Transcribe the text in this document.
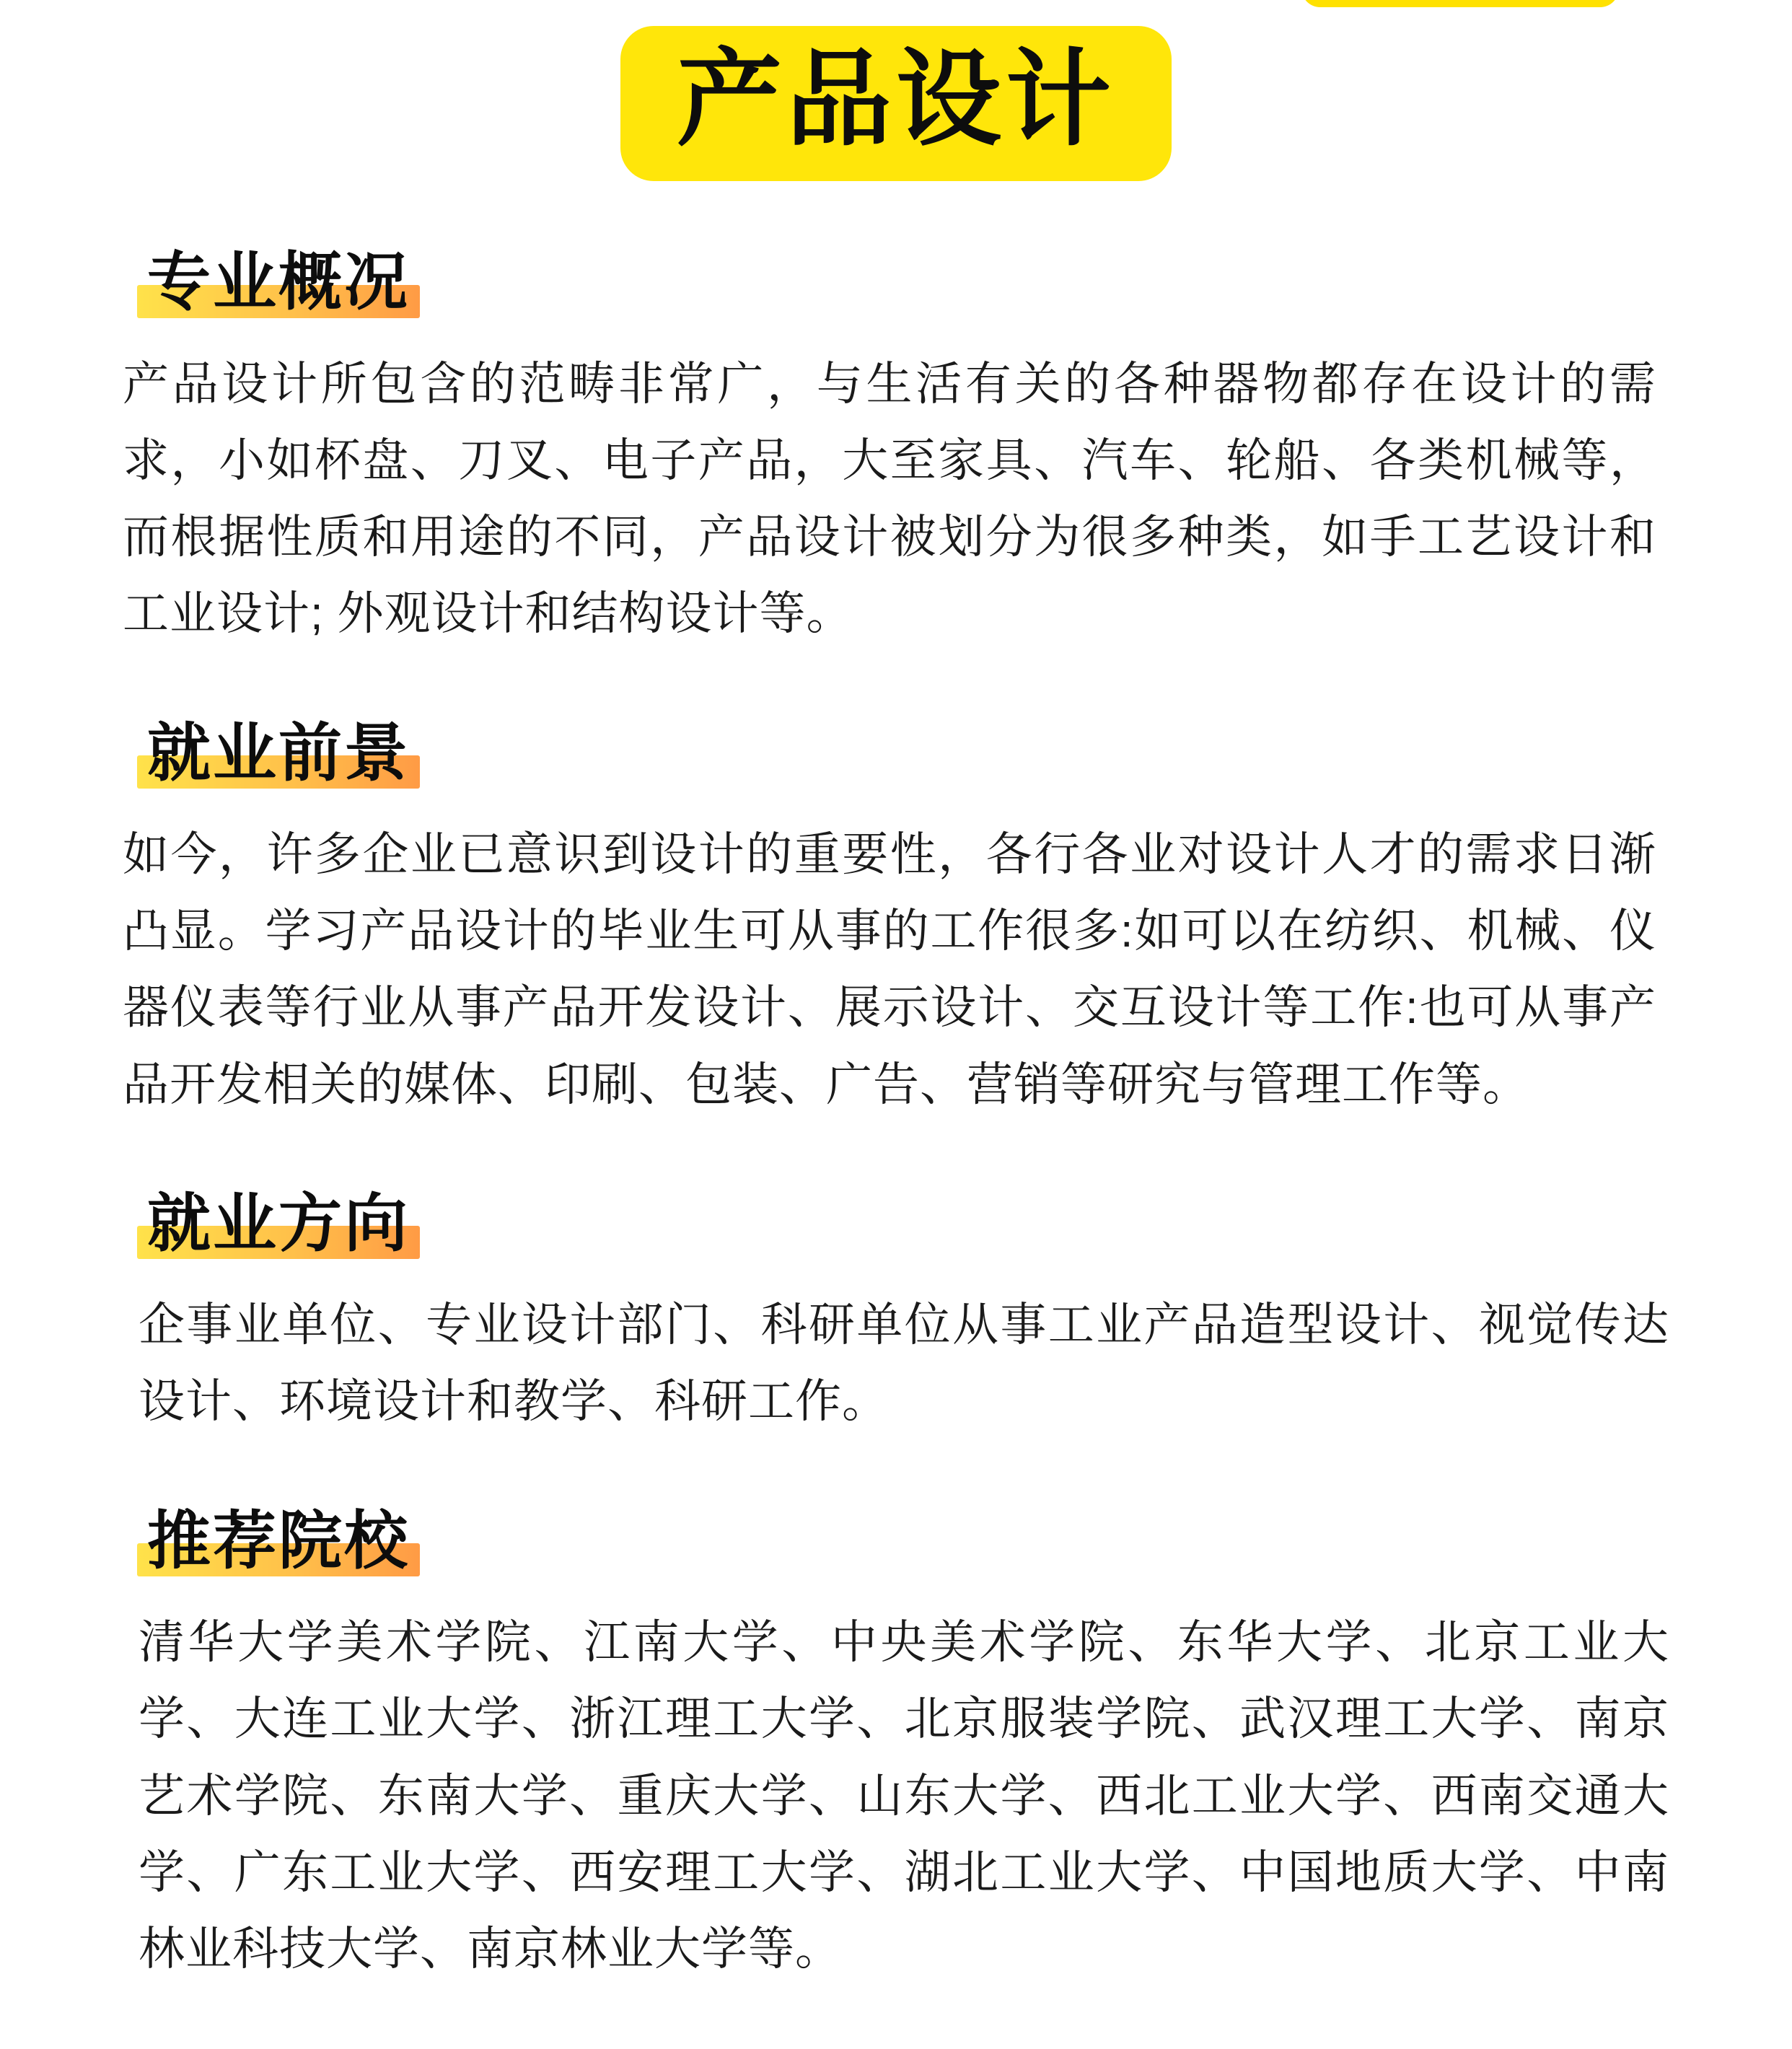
产品设计
专业概况
产品设计所包含的范畴非常广，与生活有关的各种器物都存在设计的需求，小如杯盘、刀叉、电子产品，大至家具、汽车、轮船、各类机械等，而根据性质和用途的不同，产品设计被划分为很多种类，如手工艺设计和工业设计; 外观设计和结构设计等。
就业前景
如今，许多企业已意识到设计的重要性，各行各业对设计人才的需求日渐凸显。学习产品设计的毕业生可从事的工作很多:如可以在纺织、机械、仪器仪表等行业从事产品开发设计、展示设计、交互设计等工作:也可从事产品开发相关的媒体、印刷、包装、广告、营销等研究与管理工作等。
就业方向
企事业单位、专业设计部门、科研单位从事工业产品造型设计、视觉传达设计、环境设计和教学、科研工作。
推荐院校
清华大学美术学院、江南大学、中央美术学院、东华大学、北京工业大学、大连工业大学、浙江理工大学、北京服装学院、武汉理工大学、南京艺术学院、东南大学、重庆大学、山东大学、西北工业大学、西南交通大学、广东工业大学、西安理工大学、湖北工业大学、中国地质大学、中南林业科技大学、南京林业大学等。
